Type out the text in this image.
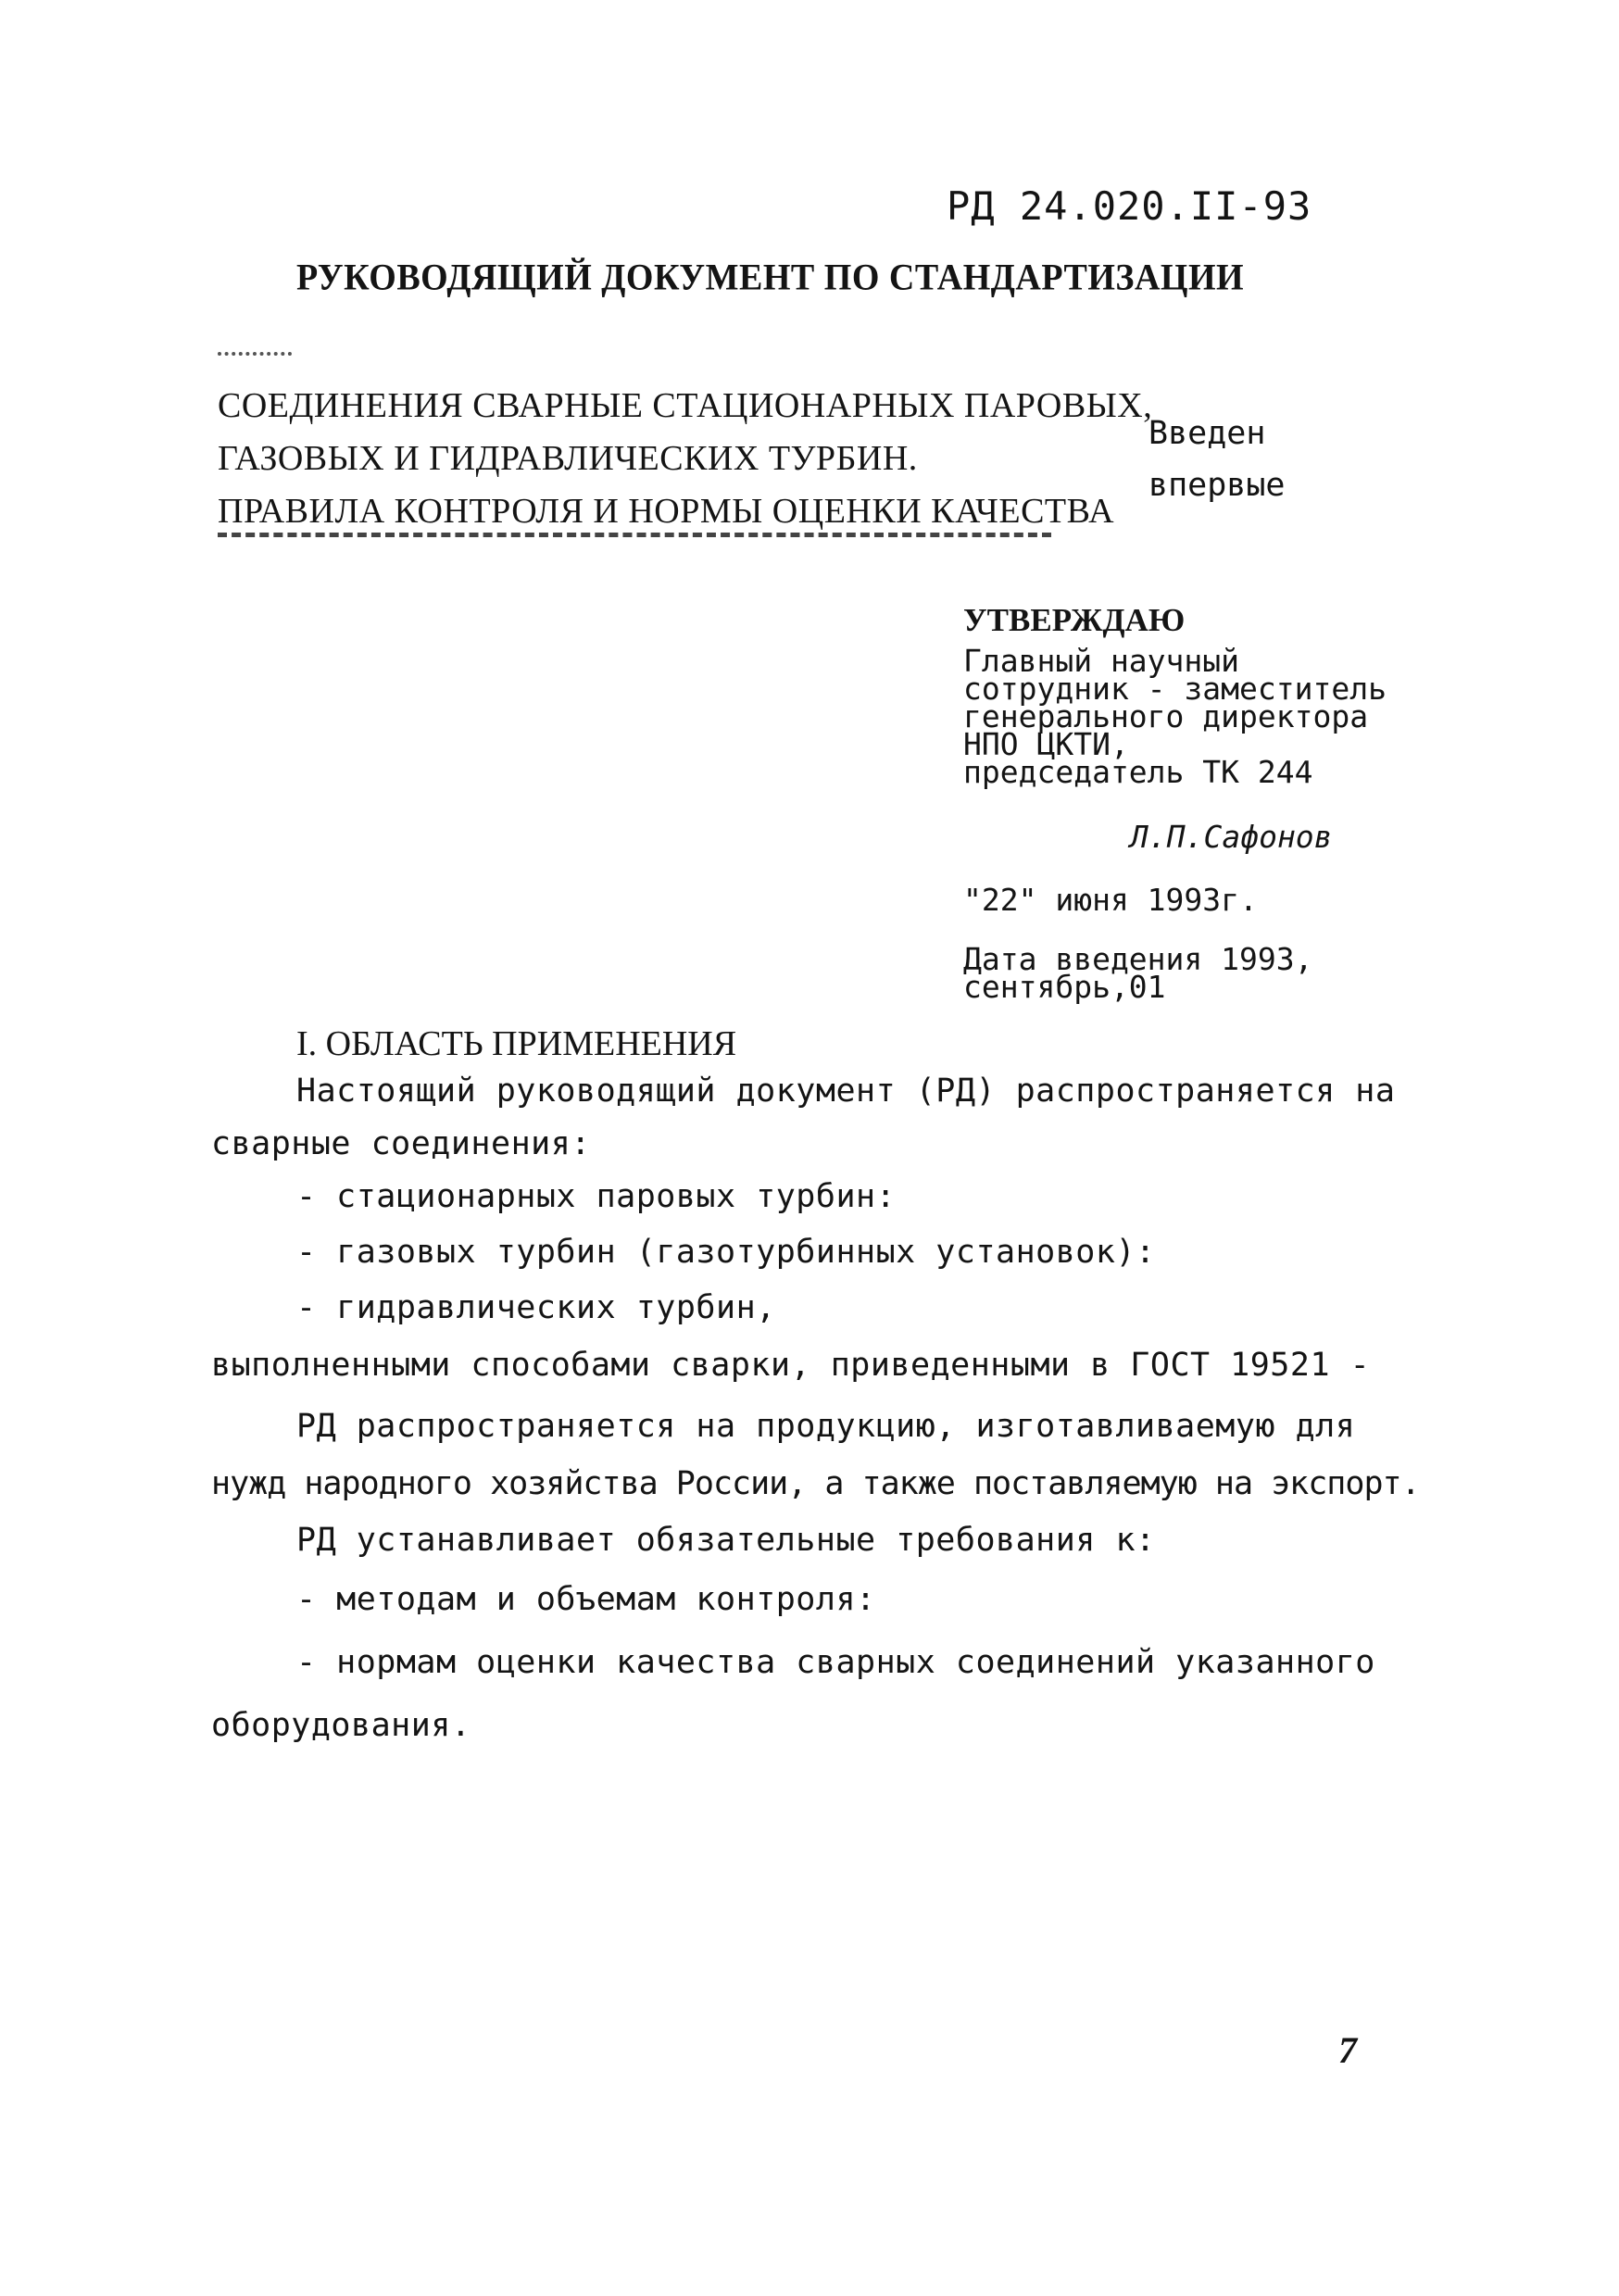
РД 24.020.II-93
РУКОВОДЯЩИЙ ДОКУМЕНТ ПО СТАНДАРТИЗАЦИИ
СОЕДИНЕНИЯ СВАРНЫЕ СТАЦИОНАРНЫХ ПАРОВЫХ,
ГАЗОВЫХ И ГИДРАВЛИЧЕСКИХ ТУРБИН.
ПРАВИЛА КОНТРОЛЯ И НОРМЫ ОЦЕНКИ КАЧЕСТВА
Введен
впервые
УТВЕРЖДАЮ
Главный научный
сотрудник - заместитель
генерального директора
НПО ЦКТИ,
председатель ТК 244
Л.П.Сафонов
"22" июня 1993г.
Дата введения 1993,
сентябрь,01
I. ОБЛАСТЬ ПРИМЕНЕНИЯ
Настоящий руководящий документ (РД) распространяется на
сварные соединения:
- стационарных паровых турбин:
- газовых турбин (газотурбинных установок):
- гидравлических турбин,
выполненными способами сварки, приведенными в ГОСТ 19521 -
РД распространяется на продукцию, изготавливаемую для
нужд народного хозяйства России, а также поставляемую на экспорт.
РД устанавливает обязательные требования к:
- методам и объемам контроля:
- нормам оценки качества сварных соединений указанного
оборудования.
7
